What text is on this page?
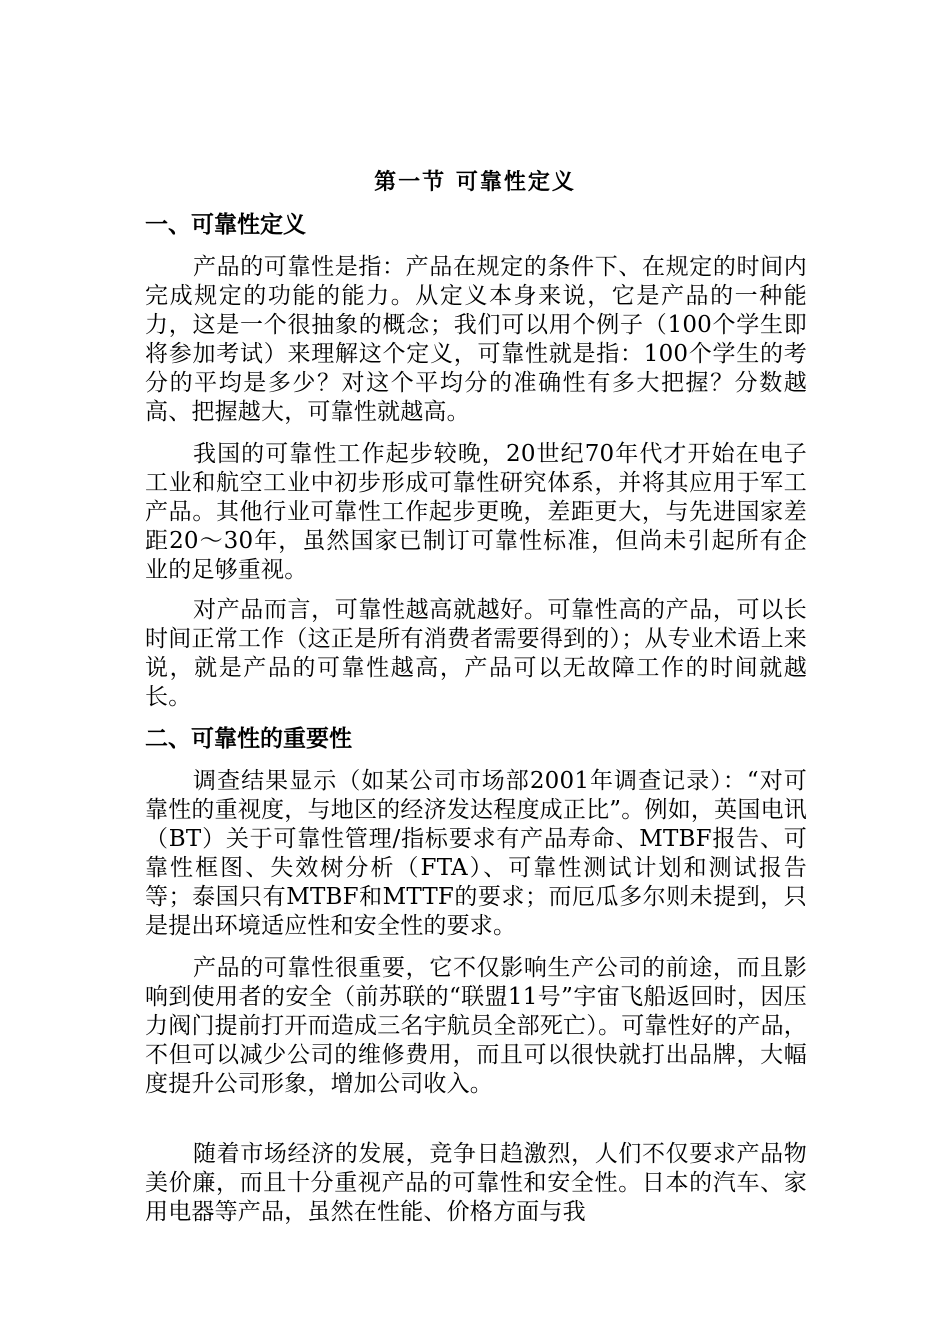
第一节 可靠性定义
一、可靠性定义

产品的可靠性是指：产品在规定的条件下、在规定的时间内完成规定的功能的能力。从定义本身来说，它是产品的一种能力，这是一个很抽象的概念；我们可以用个例子（100个学生即将参加考试）来理解这个定义，可靠性就是指：100个学生的考分的平均是多少？对这个平均分的准确性有多大把握？分数越高、把握越大，可靠性就越高。

我国的可靠性工作起步较晚，20世纪70年代才开始在电子工业和航空工业中初步形成可靠性研究体系，并将其应用于军工产品。其他行业可靠性工作起步更晚，差距更大，与先进国家差距20～30年，虽然国家已制订可靠性标准，但尚未引起所有企业的足够重视。

对产品而言，可靠性越高就越好。可靠性高的产品，可以长时间正常工作（这正是所有消费者需要得到的）；从专业术语上来说，就是产品的可靠性越高，产品可以无故障工作的时间就越长。

二、可靠性的重要性

调查结果显示（如某公司市场部2001年调查记录）：“对可靠性的重视度，与地区的经济发达程度成正比”。例如，英国电讯（BT）关于可靠性管理/指标要求有产品寿命、MTBF报告、可靠性框图、失效树分析（FTA）、可靠性测试计划和测试报告等；泰国只有MTBF和MTTF的要求；而厄瓜多尔则未提到，只是提出环境适应性和安全性的要求。

产品的可靠性很重要，它不仅影响生产公司的前途，而且影响到使用者的安全（前苏联的“联盟11号”宇宙飞船返回时，因压力阀门提前打开而造成三名宇航员全部死亡）。可靠性好的产品，不但可以减少公司的维修费用，而且可以很快就打出品牌，大幅度提升公司形象，增加公司收入。

随着市场经济的发展，竞争日趋激烈，人们不仅要求产品物美价廉，而且十分重视产品的可靠性和安全性。日本的汽车、家用电器等产品，虽然在性能、价格方面与我
